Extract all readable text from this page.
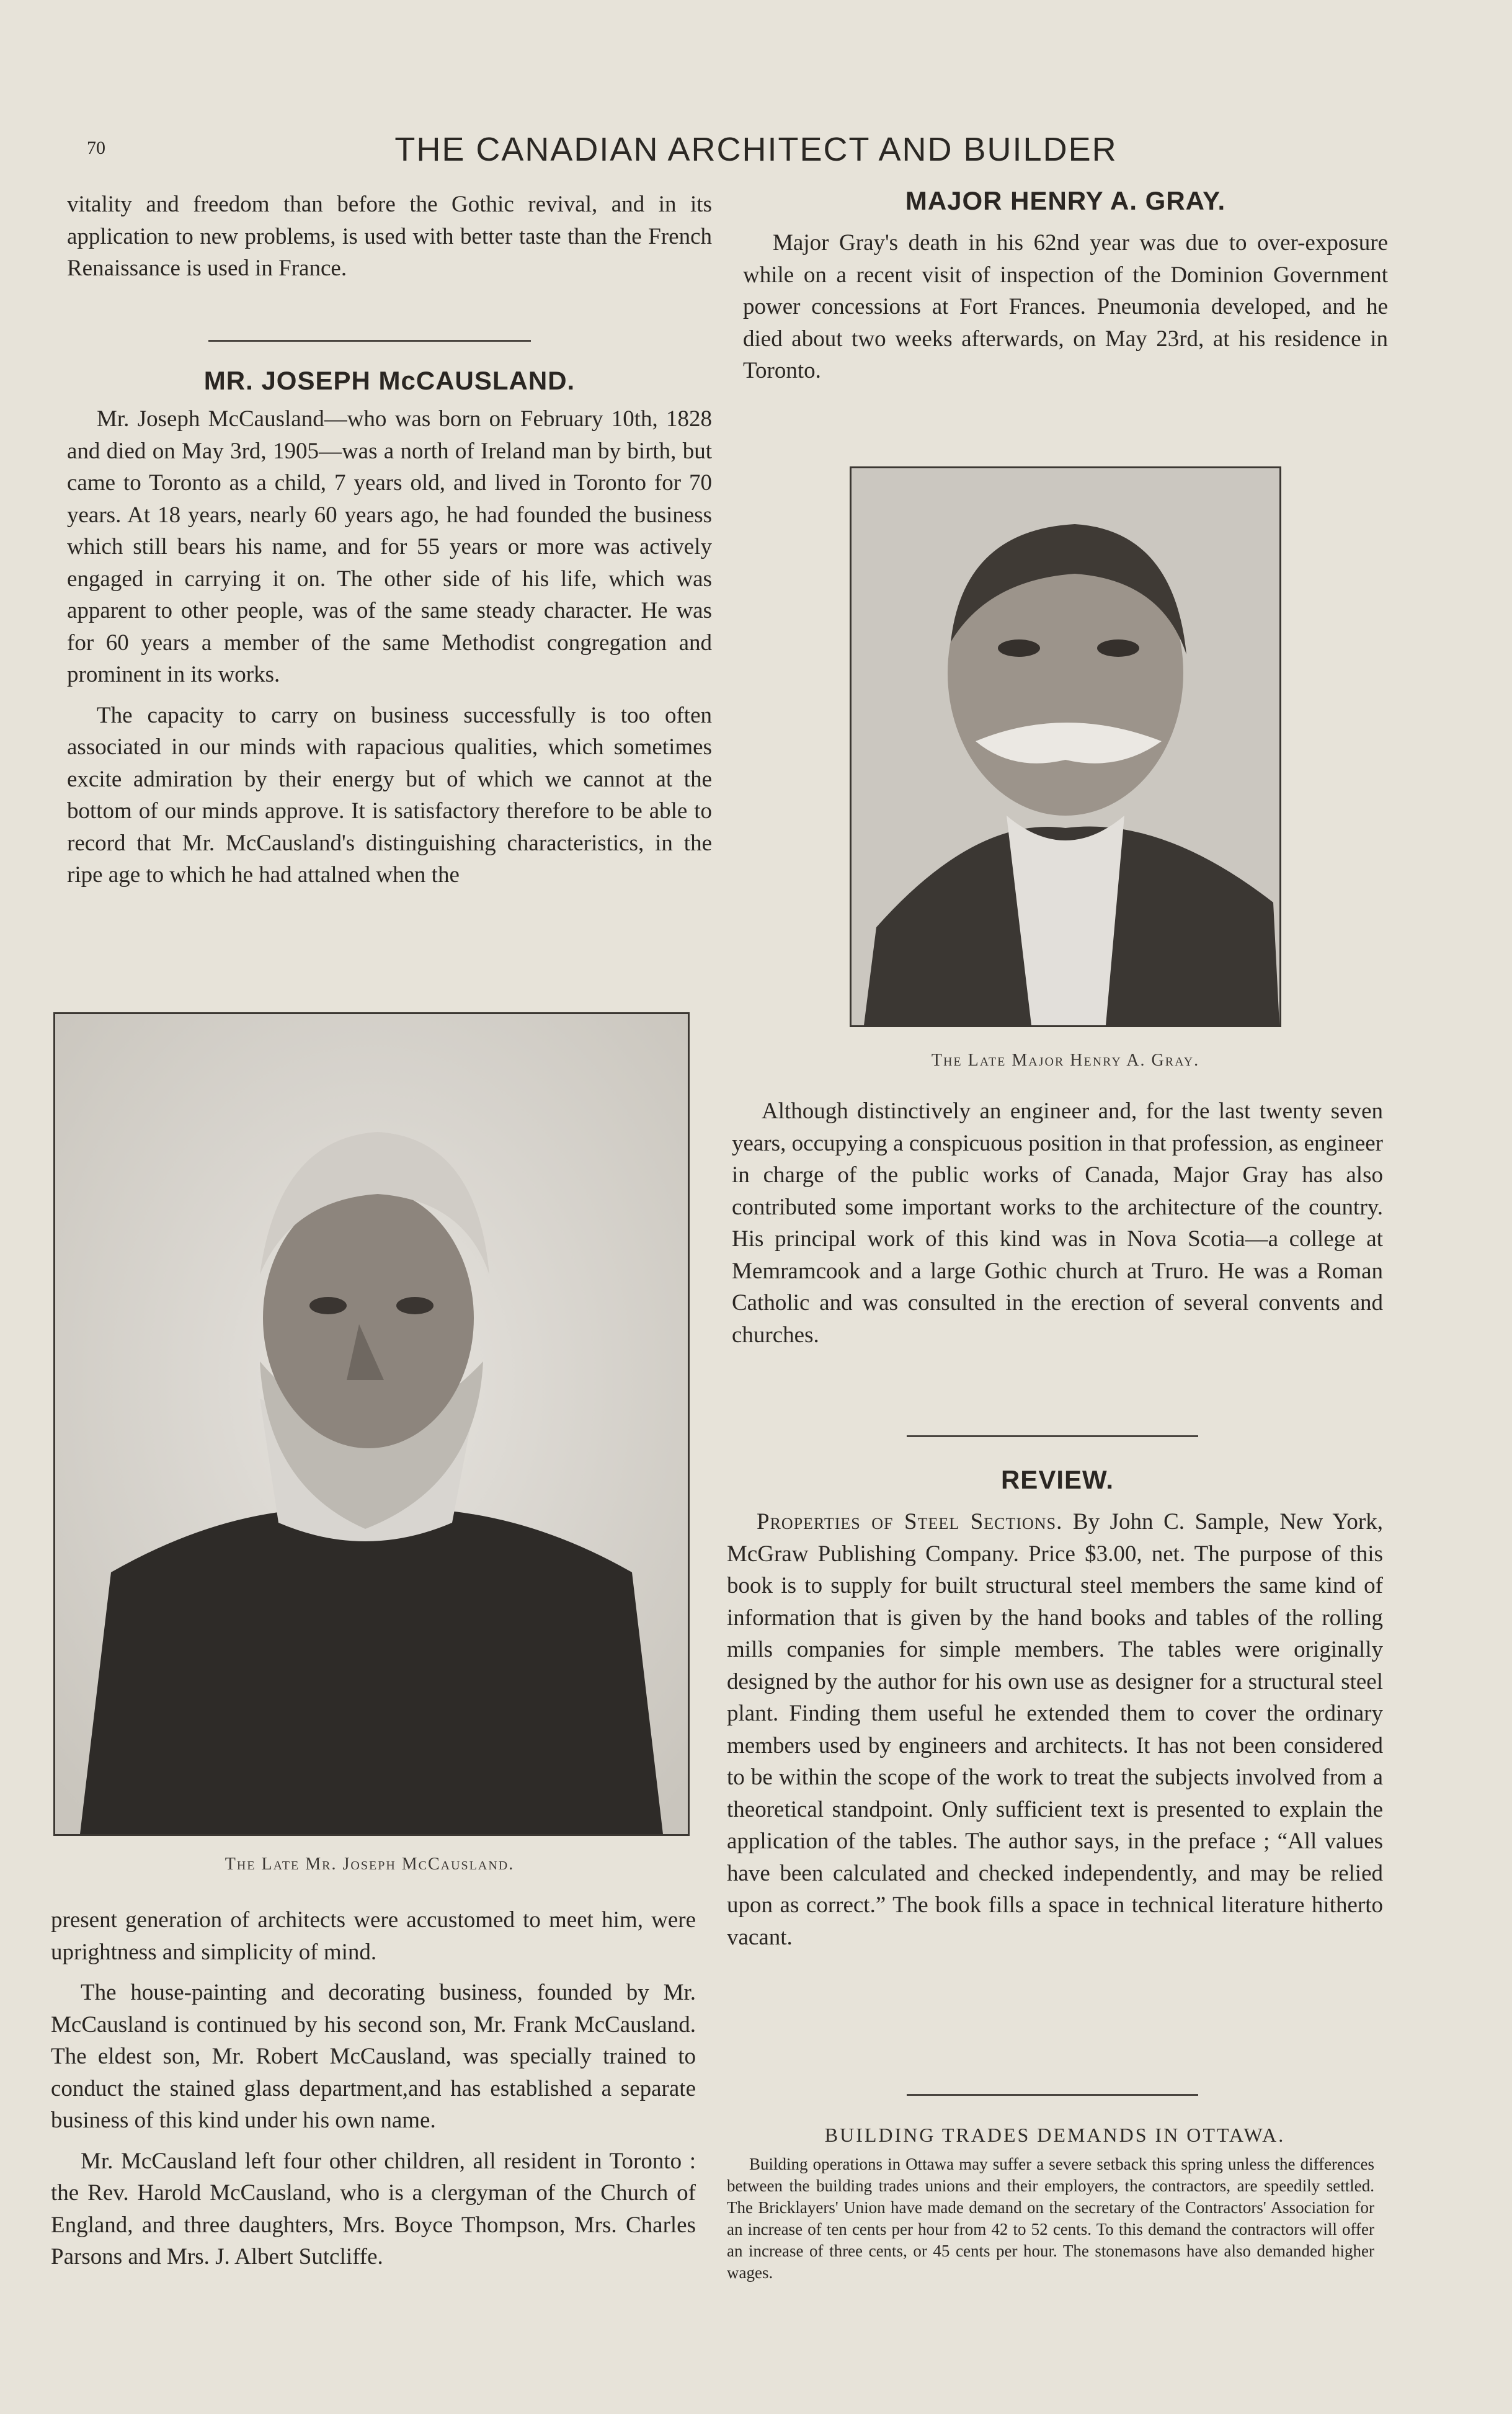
70	THE CANADIAN ARCHITECT AND BUILDER

vitality and freedom than before the Gothic revival, and in its application to new problems, is used with better taste than the French Renaissance is used in France.

MR. JOSEPH McCAUSLAND.

Mr. Joseph McCausland—who was born on February 10th, 1828 and died on May 3rd, 1905—was a north of Ireland man by birth, but came to Toronto as a child, 7 years old, and lived in Toronto for 70 years. At 18 years, nearly 60 years ago, he had founded the business which still bears his name, and for 55 years or more was actively engaged in carrying it on. The other side of his life, which was apparent to other people, was of the same steady character. He was for 60 years a member of the same Methodist congregation and prominent in its works.

The capacity to carry on business successfully is too often associated in our minds with rapacious qualities, which sometimes excite admiration by their energy but of which we cannot at the bottom of our minds approve. It is satisfactory therefore to be able to record that Mr. McCausland's distinguishing characteristics, in the ripe age to which he had attalned when the

The Late Mr. Joseph McCausland.

present generation of architects were accustomed to meet him, were uprightness and simplicity of mind.

The house-painting and decorating business, founded by Mr. McCausland is continued by his second son, Mr. Frank McCausland. The eldest son, Mr. Robert McCausland, was specially trained to conduct the stained glass department,and has established a separate business of this kind under his own name.

Mr. McCausland left four other children, all resident in Toronto : the Rev. Harold McCausland, who is a clergyman of the Church of England, and three daughters, Mrs. Boyce Thompson, Mrs. Charles Parsons and Mrs. J. Albert Sutcliffe.

MAJOR HENRY A. GRAY.

Major Gray's death in his 62nd year was due to over-exposure while on a recent visit of inspection of the Dominion Government power concessions at Fort Frances. Pneumonia developed, and he died about two weeks afterwards, on May 23rd, at his residence in Toronto.

The Late Major Henry A. Gray.

Although distinctively an engineer and, for the last twenty seven years, occupying a conspicuous position in that profession, as engineer in charge of the public works of Canada, Major Gray has also contributed some important works to the architecture of the country. His principal work of this kind was in Nova Scotia—a college at Memramcook and a large Gothic church at Truro. He was a Roman Catholic and was consulted in the erection of several convents and churches.

REVIEW.

Properties of Steel Sections. By John C. Sample, New York, McGraw Publishing Company. Price $3.00, net. The purpose of this book is to supply for built structural steel members the same kind of information that is given by the hand books and tables of the rolling mills companies for simple members. The tables were originally designed by the author for his own use as designer for a structural steel plant. Finding them useful he extended them to cover the ordinary members used by engineers and architects. It has not been considered to be within the scope of the work to treat the subjects involved from a theoretical standpoint. Only sufficient text is presented to explain the application of the tables. The author says, in the preface ; “All values have been calculated and checked independently, and may be relied upon as correct.” The book fills a space in technical literature hitherto vacant.

BUILDING TRADES DEMANDS IN OTTAWA.

Building operations in Ottawa may suffer a severe setback this spring unless the differences between the building trades unions and their employers, the contractors, are speedily settled. The Bricklayers' Union have made demand on the secretary of the Contractors' Association for an increase of ten cents per hour from 42 to 52 cents. To this demand the contractors will offer an increase of three cents, or 45 cents per hour. The stonemasons have also demanded higher wages.
